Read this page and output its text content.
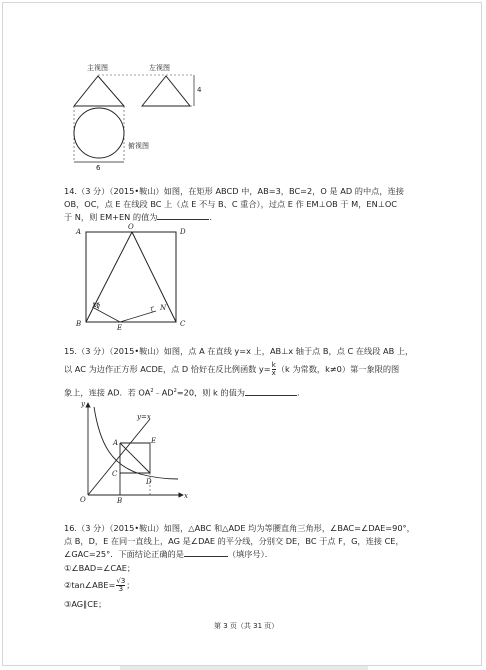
主视图	左视图
俯视图
4
6
14.（3 分）（2015•鞍山）如图，在矩形 ABCD 中，AB=3，BC=2，O 是 AD 的中点，连接
OB，OC，点 E 在线段 BC 上（点 E 不与 B、C 重合），过点 E 作 EM⊥OB 于 M，EN⊥OC
于 N，则 EM+EN 的值为	．
A
O
D
B	E	C
M	N
15.（3 分）（2015•鞍山）如图，点 A 在直线 y=x 上，AB⊥x 轴于点 B，点 C 在线段 AB 上，
以 AC 为边作正方形 ACDE，点 D 恰好在反比例函数 $y= \frac{k}{x} (k$ 为常数，k≠0）第一象限的图
象上，连接 AD．若 $OA^2﹣AD^2=20$，则 k 的值为	．
y
y=x
A	E
C
D
O	B
x
16.（3 分）（2015•鞍山）如图，△ABC 和△ADE 均为等腰直角三角形，∠BAC=∠DAE=90°，
点 B，D，E 在同一直线上，AG 是∠DAE 的平分线，分别交 DE，BC 于点 F，G，连接 CE，
∠GAC=25°．下面结论正确的是	（填序号）．
①∠BAD=∠CAE；
②tan∠ABE= $\frac{√3}{3}$ ；
③AG∥CE；
第 3 页（共 31 页）
